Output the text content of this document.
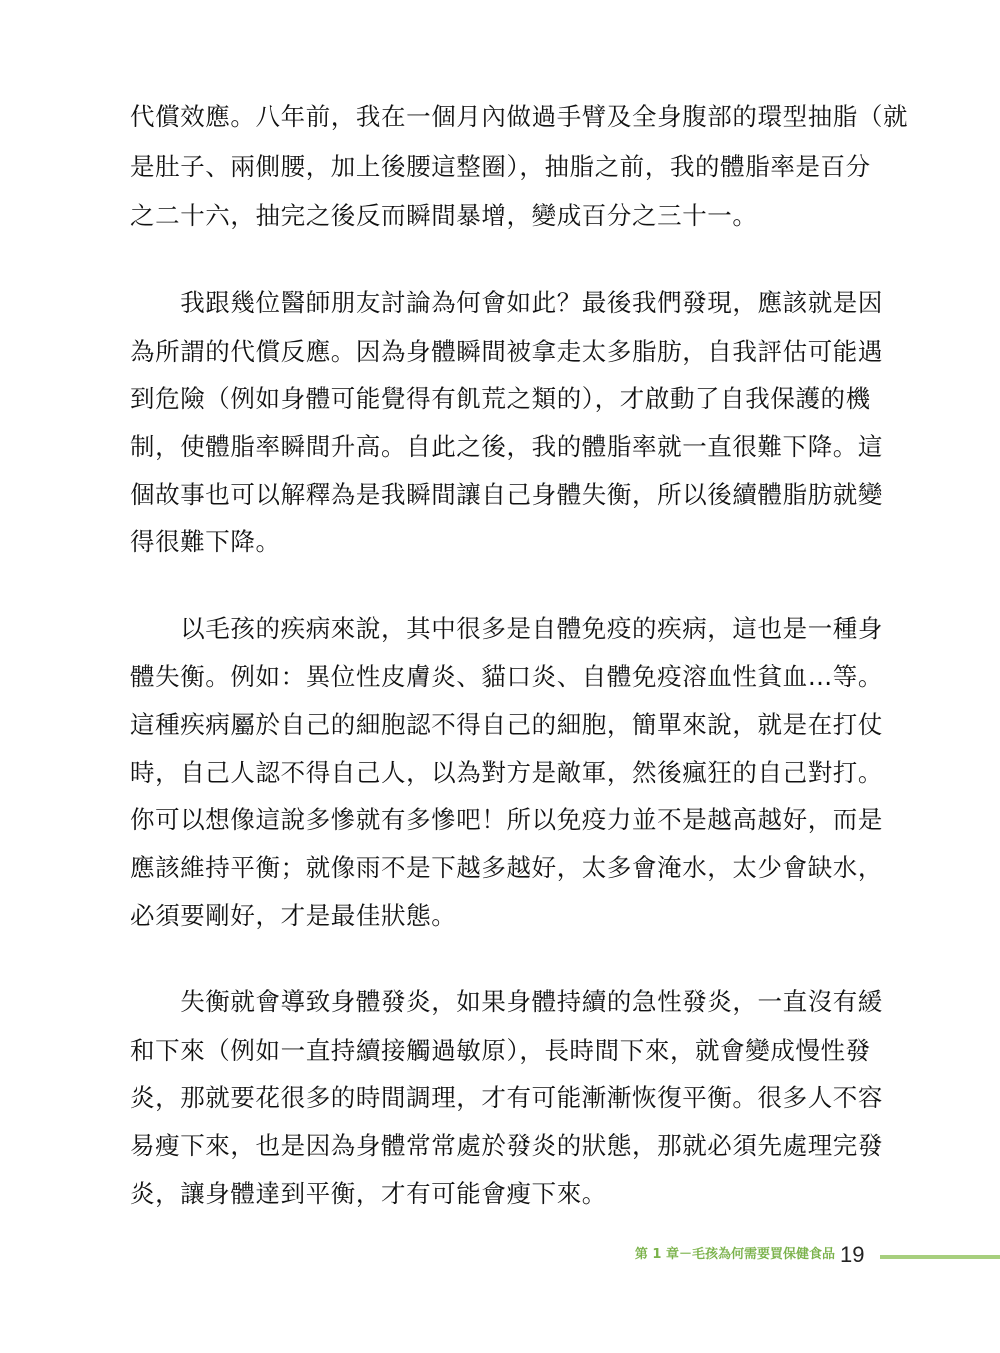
代償效應。八年前，我在一個月內做過手臂及全身腹部的環型抽脂（就
是肚子、兩側腰，加上後腰這整圈），抽脂之前，我的體脂率是百分
之二十六，抽完之後反而瞬間暴增，變成百分之三十一。
　　我跟幾位醫師朋友討論為何會如此？最後我們發現，應該就是因
為所謂的代償反應。因為身體瞬間被拿走太多脂肪，自我評估可能遇
到危險（例如身體可能覺得有飢荒之類的），才啟動了自我保護的機
制，使體脂率瞬間升高。自此之後，我的體脂率就一直很難下降。這
個故事也可以解釋為是我瞬間讓自己身體失衡，所以後續體脂肪就變
得很難下降。
　　以毛孩的疾病來說，其中很多是自體免疫的疾病，這也是一種身
體失衡。例如：異位性皮膚炎、貓口炎、自體免疫溶血性貧血…等。
這種疾病屬於自己的細胞認不得自己的細胞，簡單來說，就是在打仗
時，自己人認不得自己人，以為對方是敵軍，然後瘋狂的自己對打。
你可以想像這說多慘就有多慘吧！所以免疫力並不是越高越好，而是
應該維持平衡；就像雨不是下越多越好，太多會淹水，太少會缺水，
必須要剛好，才是最佳狀態。
　　失衡就會導致身體發炎，如果身體持續的急性發炎，一直沒有緩
和下來（例如一直持續接觸過敏原），長時間下來，就會變成慢性發
炎，那就要花很多的時間調理，才有可能漸漸恢復平衡。很多人不容
易瘦下來，也是因為身體常常處於發炎的狀態，那就必須先處理完發
炎，讓身體達到平衡，才有可能會瘦下來。
第 1 章－毛孩為何需要買保健食品 19
